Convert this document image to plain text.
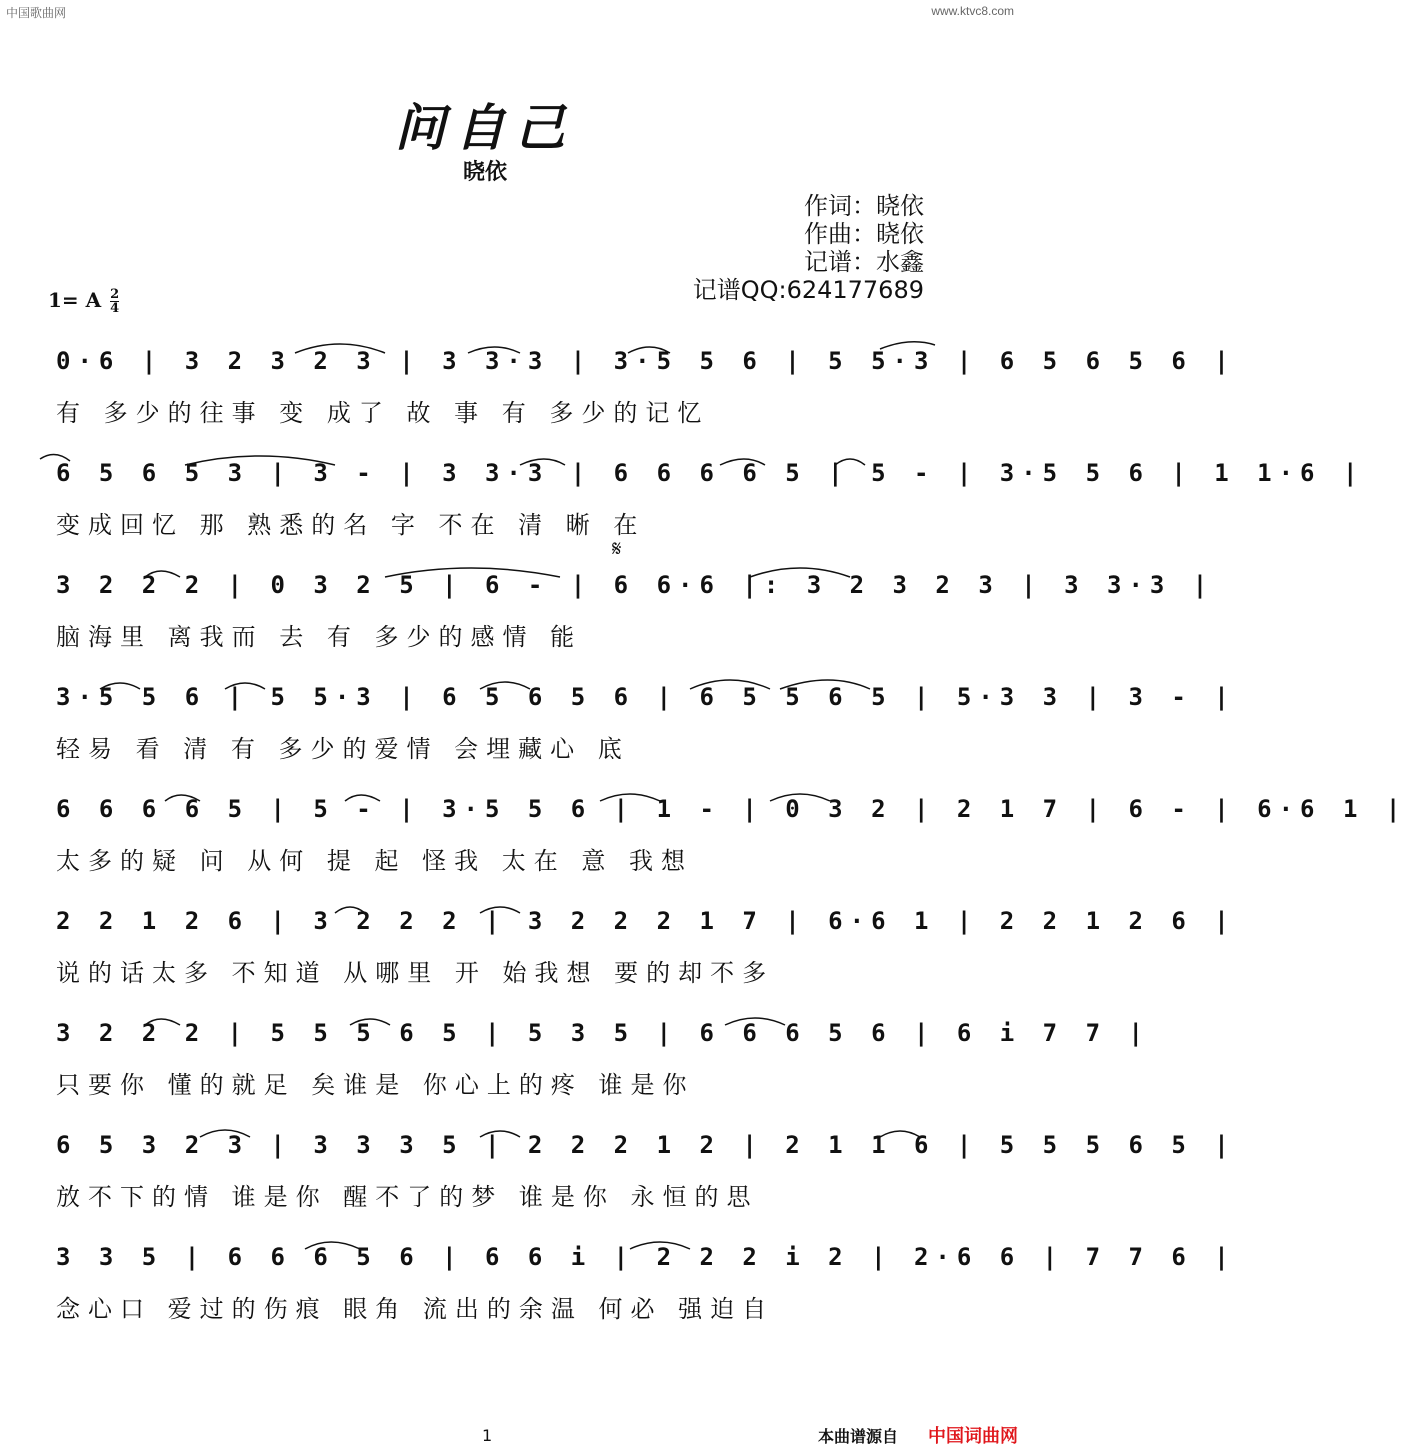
中国歌曲网	www.ktvc8.com
问自己
晓依
作词：晓依
作曲：晓依
记谱：水鑫
记谱QQ:624177689
1= A $\frac{2}{4}$
0·6 | 3 2 3 2 3 | 3 3·3 | 3·5 5 6 | 5 5·3 | 6 5 6 5 6 |
有 多少的往事 变 成了 故 事 有 多少的记忆
6 5 6 5 3 | 3 - | 3 3·3 | 6 6 6 6 5 | 5 - | 3·5 5 6 | 1 1·6 |
变成回忆 那 熟悉的名 字 不在 清 晰 在
𝄋
3 2 2 2 | 0 3 2 5 | 6 - | 6 6·6 |: 3 2 3 2 3 | 3 3·3 |
脑海里 离我而 去 有 多少的感情 能
3·5 5 6 | 5 5·3 | 6 5 6 5 6 | 6 5 5 6 5 | 5·3 3 | 3 - |
轻易 看 清 有 多少的爱情 会埋藏心 底
6 6 6 6 5 | 5 - | 3·5 5 6 | 1 - | 0 3 2 | 2 1 7 | 6 - | 6·6 1 |
太多的疑 问 从何 提 起 怪我 太在 意 我想
2 2 1 2 6 | 3 2 2 2 | 3 2 2 2 1 7 | 6·6 1 | 2 2 1 2 6 |
说的话太多 不知道 从哪里 开 始我想 要的却不多
3 2 2 2 | 5 5 5 6 5 | 5 3 5 | 6 6 6 5 6 | 6 i 7 7 |
只要你 懂的就足 矣谁是 你心上的疼 谁是你
6 5 3 2 3 | 3 3 3 5 | 2 2 2 1 2 | 2 1 1 6 | 5 5 5 6 5 |
放不下的情 谁是你 醒不了的梦 谁是你 永恒的思
3 3 5 | 6 6 6 5 6 | 6 6 i | 2 2 2 i 2 | 2·6 6 | 7 7 6 |
念心口 爱过的伤痕 眼角 流出的余温 何必 强迫自
1	本曲谱源自 中国词曲网
